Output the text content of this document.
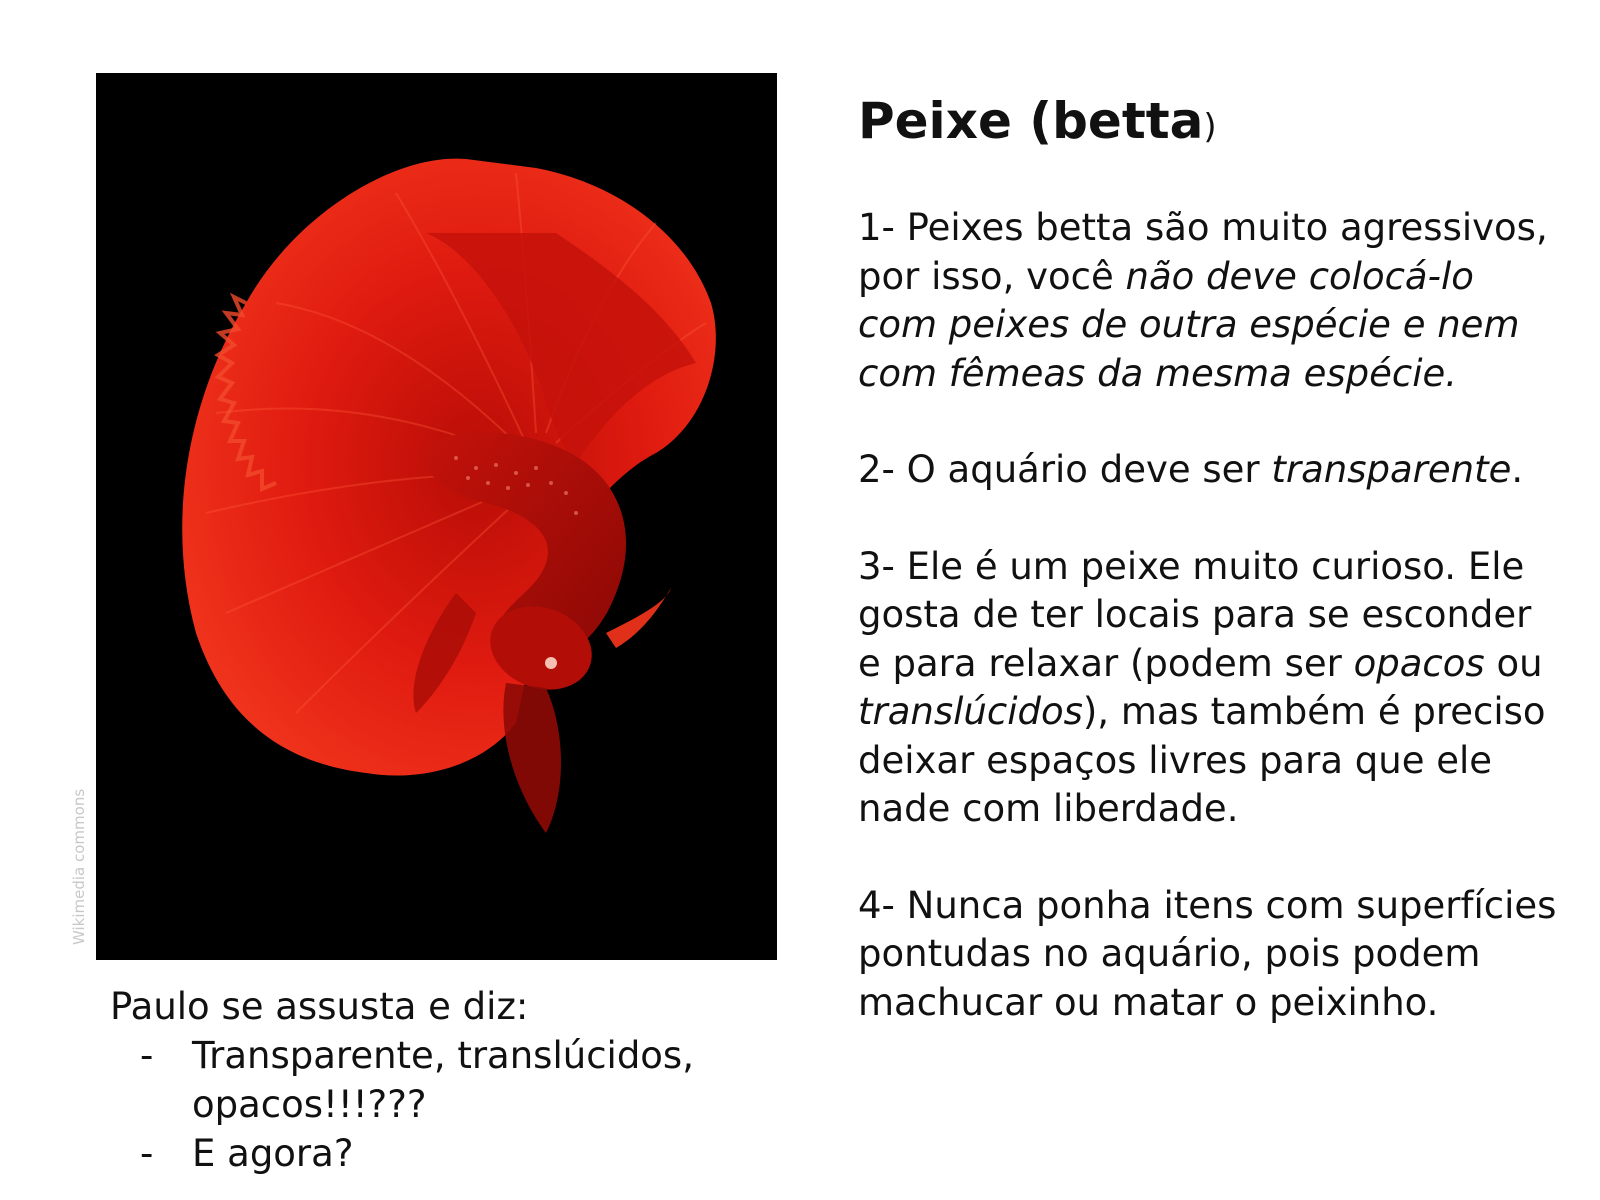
Wikimedia commons

Paulo se assusta e diz:

- Transparente, translúcidos, opacos!!!???
- E agora?
Peixe (betta)

1- Peixes betta são muito agressivos, por isso, você não deve colocá-lo com peixes de outra espécie e nem com fêmeas da mesma espécie.

2- O aquário deve ser transparente.

3- Ele é um peixe muito curioso. Ele gosta de ter locais para se esconder e para relaxar (podem ser opacos ou translúcidos), mas também é preciso deixar espaços livres para que ele nade com liberdade.

4- Nunca ponha itens com superfícies pontudas no aquário, pois podem machucar ou matar o peixinho.
